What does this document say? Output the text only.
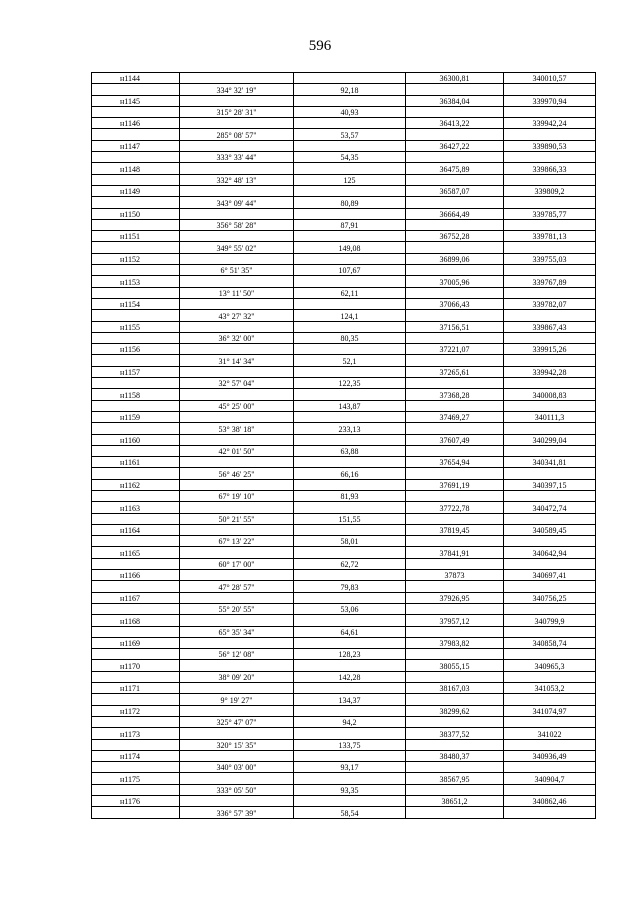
596
н1144			36300,81	340010,57
	334° 32' 19"	92,18		
н1145			36384,04	339970,94
	315° 28' 31"	40,93		
н1146			36413,22	339942,24
	285° 08' 57"	53,57		
н1147			36427,22	339890,53
	333° 33' 44"	54,35		
н1148			36475,89	339866,33
	332° 48' 13"	125		
н1149			36587,07	339809,2
	343° 09' 44"	80,89		
н1150			36664,49	339785,77
	356° 58' 28"	87,91		
н1151			36752,28	339781,13
	349° 55' 02"	149,08		
н1152			36899,06	339755,03
	6° 51' 35"	107,67		
н1153			37005,96	339767,89
	13° 11' 50"	62,11		
н1154			37066,43	339782,07
	43° 27' 32"	124,1		
н1155			37156,51	339867,43
	36° 32' 00"	80,35		
н1156			37221,07	339915,26
	31° 14' 34"	52,1		
н1157			37265,61	339942,28
	32° 57' 04"	122,35		
н1158			37368,28	340008,83
	45° 25' 00"	143,87		
н1159			37469,27	340111,3
	53° 38' 18"	233,13		
н1160			37607,49	340299,04
	42° 01' 50"	63,88		
н1161			37654,94	340341,81
	56° 46' 25"	66,16		
н1162			37691,19	340397,15
	67° 19' 10"	81,93		
н1163			37722,78	340472,74
	50° 21' 55"	151,55		
н1164			37819,45	340589,45
	67° 13' 22"	58,01		
н1165			37841,91	340642,94
	60° 17' 00"	62,72		
н1166			37873	340697,41
	47° 28' 57"	79,83		
н1167			37926,95	340756,25
	55° 20' 55"	53,06		
н1168			37957,12	340799,9
	65° 35' 34"	64,61		
н1169			37983,82	340858,74
	56° 12' 08"	128,23		
н1170			38055,15	340965,3
	38° 09' 20"	142,28		
н1171			38167,03	341053,2
	9° 19' 27"	134,37		
н1172			38299,62	341074,97
	325° 47' 07"	94,2		
н1173			38377,52	341022
	320° 15' 35"	133,75		
н1174			38480,37	340936,49
	340° 03' 00"	93,17		
н1175			38567,95	340904,7
	333° 05' 50"	93,35		
н1176			38651,2	340862,46
	336° 57' 39"	58,54		
